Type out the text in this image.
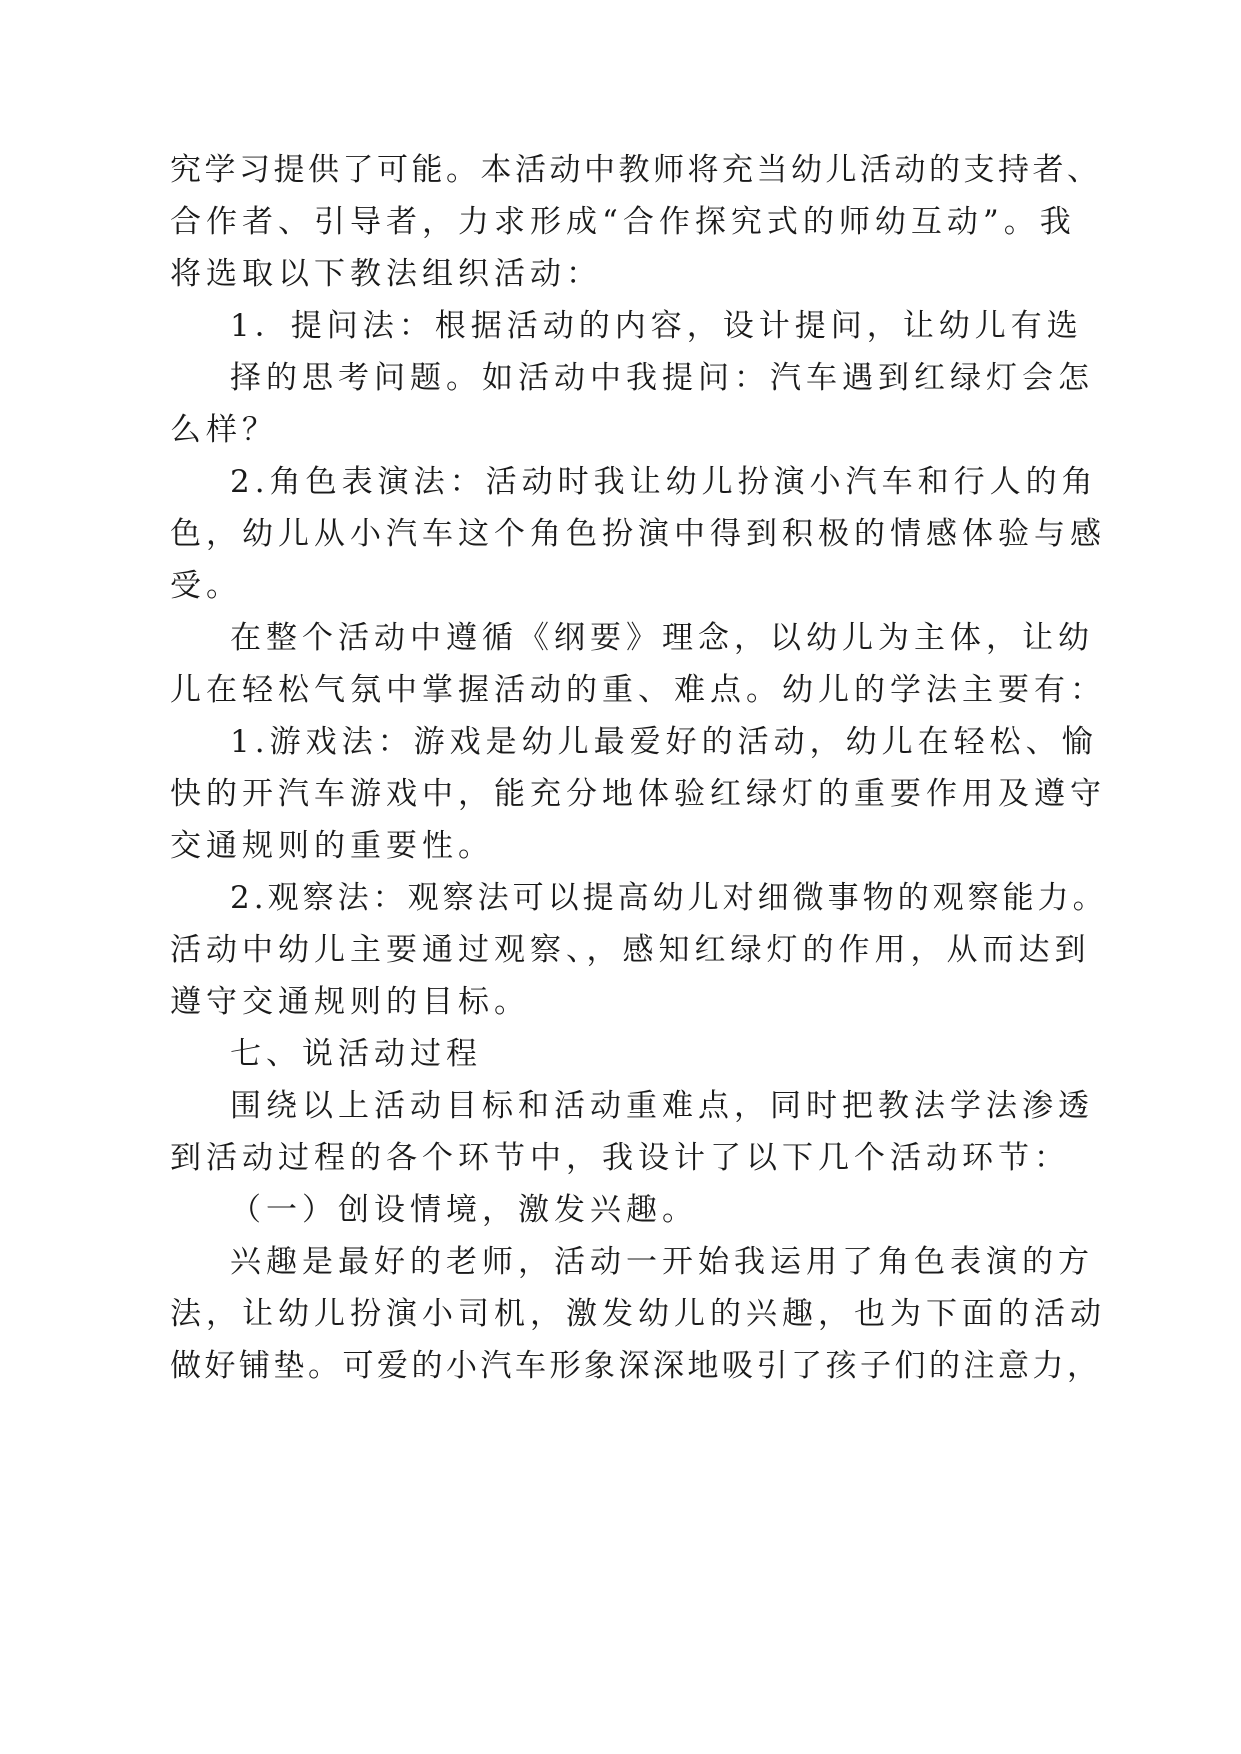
究学习提供了可能。本活动中教师将充当幼儿活动的支持者、
合作者、引导者，力求形成“合作探究式的师幼互动”。我
将选取以下教法组织活动：
1．提问法：根据活动的内容，设计提问，让幼儿有选
择的思考问题。如活动中我提问：汽车遇到红绿灯会怎
么样？
2.角色表演法：活动时我让幼儿扮演小汽车和行人的角
色，幼儿从小汽车这个角色扮演中得到积极的情感体验与感
受。
在整个活动中遵循《纲要》理念，以幼儿为主体，让幼
儿在轻松气氛中掌握活动的重、难点。幼儿的学法主要有：
1.游戏法：游戏是幼儿最爱好的活动，幼儿在轻松、愉
快的开汽车游戏中，能充分地体验红绿灯的重要作用及遵守
交通规则的重要性。
2.观察法：观察法可以提高幼儿对细微事物的观察能力。
活动中幼儿主要通过观察、，感知红绿灯的作用，从而达到
遵守交通规则的目标。
七、说活动过程
围绕以上活动目标和活动重难点，同时把教法学法渗透
到活动过程的各个环节中，我设计了以下几个活动环节：
（一）创设情境，激发兴趣。
兴趣是最好的老师，活动一开始我运用了角色表演的方
法，让幼儿扮演小司机，激发幼儿的兴趣，也为下面的活动
做好铺垫。可爱的小汽车形象深深地吸引了孩子们的注意力，
